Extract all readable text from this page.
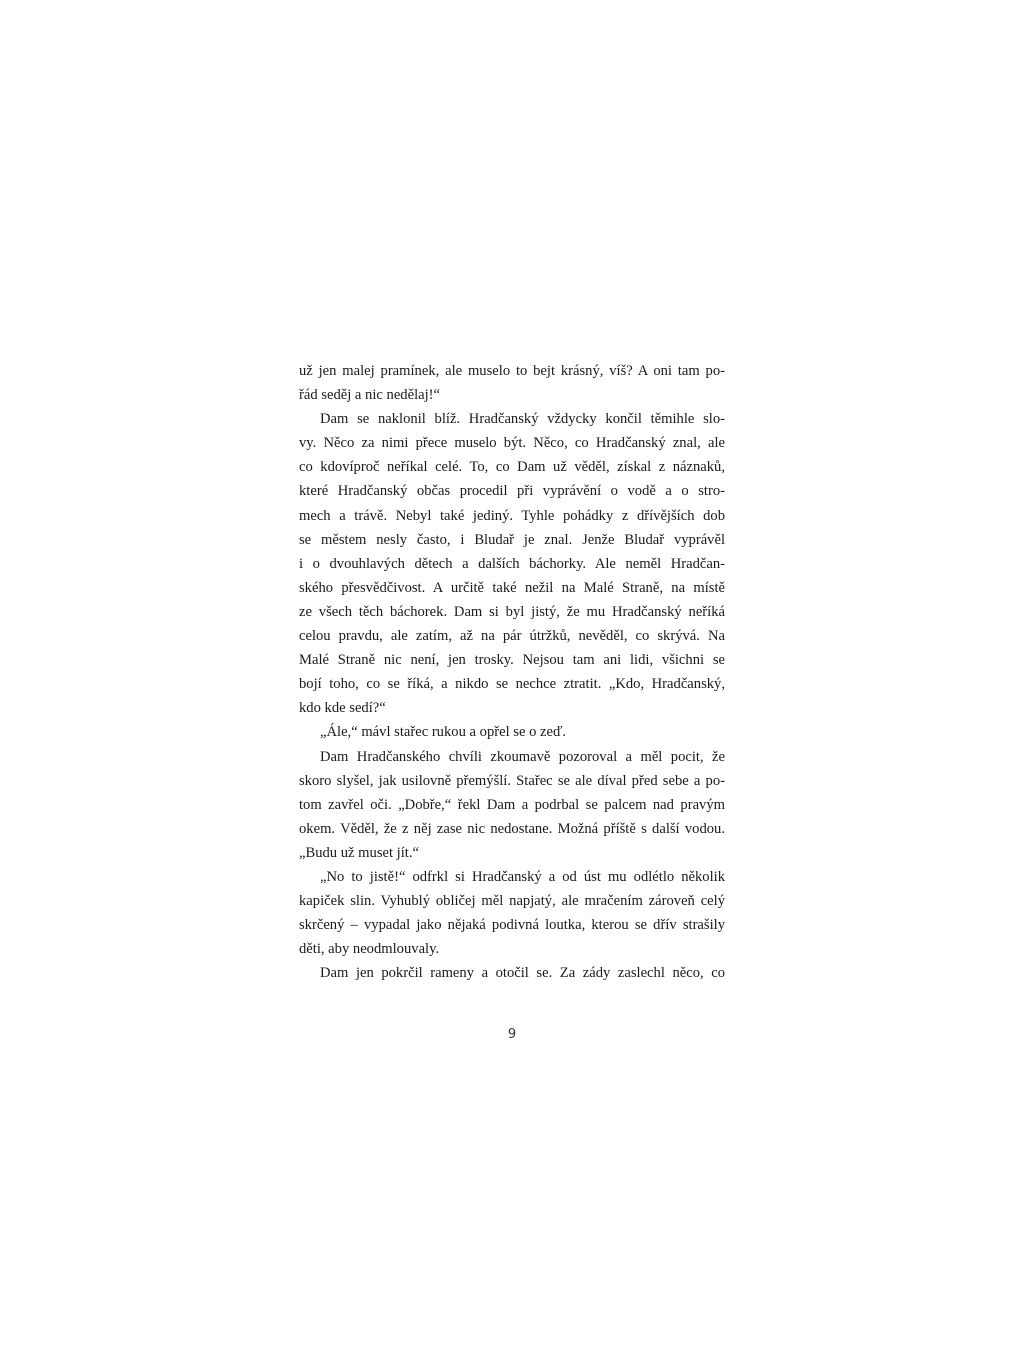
už jen malej pramínek, ale muselo to bejt krásný, víš? A oni tam po-
řád seděj a nic nedělaj!“
Dam se naklonil blíž. Hradčanský vždycky končil těmihle slo-
vy. Něco za nimi přece muselo být. Něco, co Hradčanský znal, ale
co kdovíproč neříkal celé. To, co Dam už věděl, získal z náznaků,
které Hradčanský občas procedil při vyprávění o vodě a o stro-
mech a trávě. Nebyl také jediný. Tyhle pohádky z dřívějších dob
se městem nesly často, i Bludař je znal. Jenže Bludař vyprávěl
i o dvouhlavých dětech a dalších báchorky. Ale neměl Hradčan-
ského přesvědčivost. A určitě také nežil na Malé Straně, na místě
ze všech těch báchorek. Dam si byl jistý, že mu Hradčanský neříká
celou pravdu, ale zatím, až na pár útržků, nevěděl, co skrývá. Na
Malé Straně nic není, jen trosky. Nejsou tam ani lidi, všichni se
bojí toho, co se říká, a nikdo se nechce ztratit. „Kdo, Hradčanský,
kdo kde sedí?“
„Ále,“ mávl stařec rukou a opřel se o zeď.
Dam Hradčanského chvíli zkoumavě pozoroval a měl pocit, že
skoro slyšel, jak usilovně přemýšlí. Stařec se ale díval před sebe a po-
tom zavřel oči. „Dobře,“ řekl Dam a podrbal se palcem nad pravým
okem. Věděl, že z něj zase nic nedostane. Možná příště s další vodou.
„Budu už muset jít.“
„No to jistě!“ odfrkl si Hradčanský a od úst mu odlétlo několik
kapiček slin. Vyhublý obličej měl napjatý, ale mračením zároveň celý
skrčený – vypadal jako nějaká podivná loutka, kterou se dřív strašily
děti, aby neodmlouvaly.
Dam jen pokrčil rameny a otočil se. Za zády zaslechl něco, co
9
